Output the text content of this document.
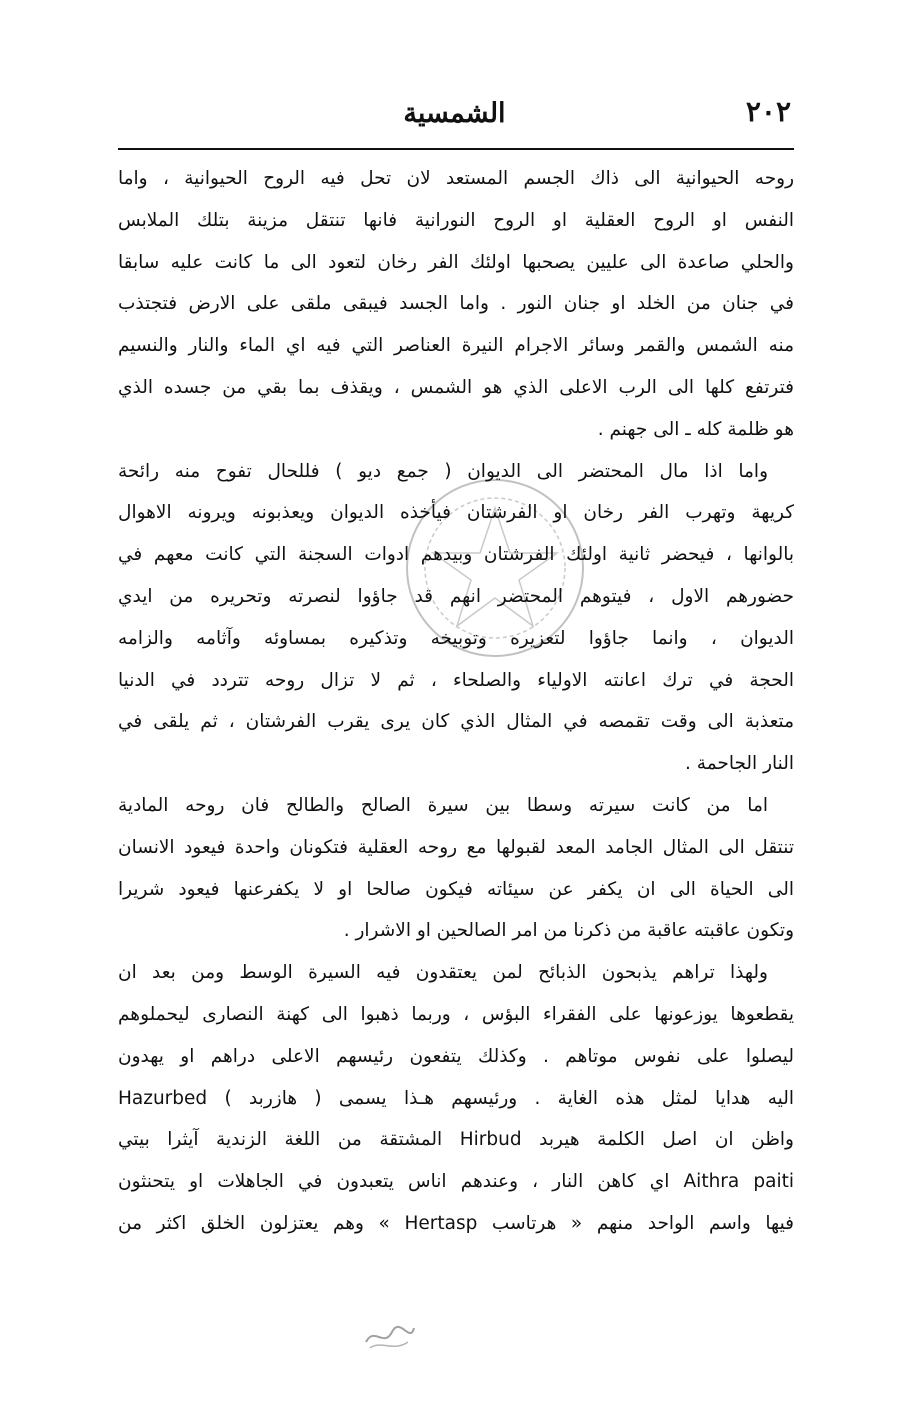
٢٠٢
الشمسية
روحه الحيوانية الى ذاك الجسم المستعد لان تحل فيه الروح الحيوانية ، واما
النفس او الروح العقلية او الروح النورانية فانها تنتقل مزينة بتلك الملابس
والحلي صاعدة الى عليين يصحبها اولئك الفر رخان لتعود الى ما كانت عليه سابقا
في جنان من الخلد او جنان النور . واما الجسد فيبقى ملقى على الارض فتجتذب
منه الشمس والقمر وسائر الاجرام النيرة العناصر التي فيه اي الماء والنار والنسيم
فترتفع كلها الى الرب الاعلى الذي هو الشمس ، ويقذف بما بقي من جسده الذي
هو ظلمة كله ـ الى جهنم .
واما اذا مال المحتضر الى الديوان ( جمع ديو ) فللحال تفوح منه رائحة
كريهة وتهرب الفر رخان او الفرشتان فيأخذه الديوان ويعذبونه ويرونه الاهوال
بالوانها ، فيحضر ثانية اولئك الفرشتان وبيدهم ادوات السجنة التي كانت معهم في
حضورهم الاول ، فيتوهم المحتضر انهم قد جاؤوا لنصرته وتحريره من ايدي
الديوان ، وانما جاؤوا لتعزيره وتوبيخه وتذكيره بمساوئه وآثامه والزامه
الحجة في ترك اعانته الاولياء والصلحاء ، ثم لا تزال روحه تتردد في الدنيا
متعذبة الى وقت تقمصه في المثال الذي كان يرى يقرب الفرشتان ، ثم يلقى في
النار الجاحمة .
اما من كانت سيرته وسطا بين سيرة الصالح والطالح فان روحه المادية
تنتقل الى المثال الجامد المعد لقبولها مع روحه العقلية فتكونان واحدة فيعود الانسان
الى الحياة الى ان يكفر عن سيئاته فيكون صالحا او لا يكفرعنها فيعود شريرا
وتكون عاقبته عاقبة من ذكرنا من امر الصالحين او الاشرار .
ولهذا تراهم يذبحون الذبائح لمن يعتقدون فيه السيرة الوسط ومن بعد ان
يقطعوها يوزعونها على الفقراء البؤس ، وربما ذهبوا الى كهنة النصارى ليحملوهم
ليصلوا على نفوس موتاهم . وكذلك يتفعون رئيسهم الاعلى دراهم او يهدون
اليه هدايا لمثل هذه الغاية . ورئيسهم هـذا يسمى ( هازربد ) Hazurbed
واظن ان اصل الكلمة هيربد Hirbud المشتقة من اللغة الزندية آيثرا بيتي
Aithra paiti اي كاهن النار ، وعندهم اناس يتعبدون في الجاهلات او يتحنثون
فيها واسم الواحد منهم « هرتاسب Hertasp » وهم يعتزلون الخلق اكثر من
